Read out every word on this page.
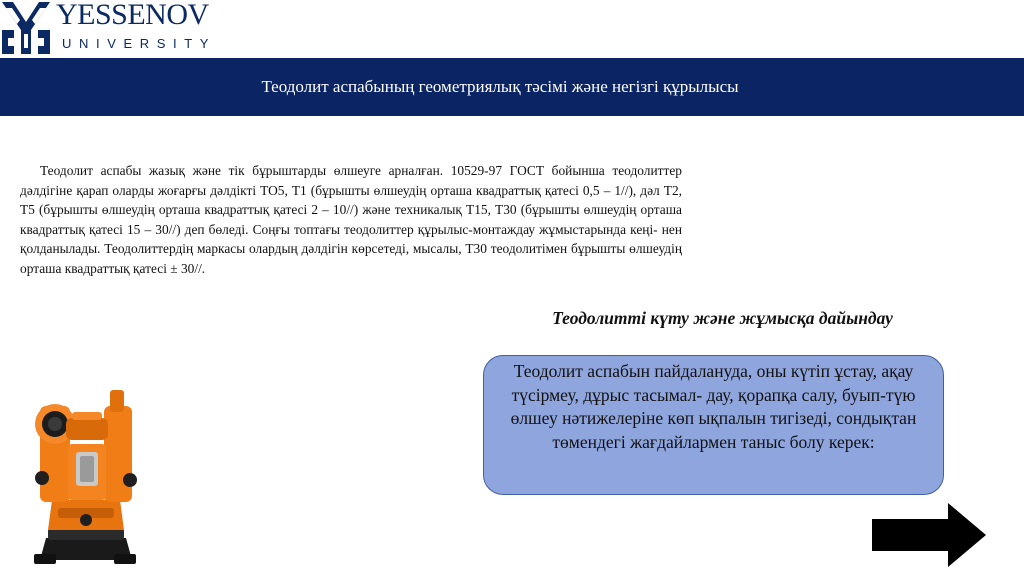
YESSENOV
UNIVERSITY
Теодолит аспабының геометриялық тәсімі және негізгі құрылысы
Теодолит аспабы жазық және тік бұрыштарды өлшеуге арналған. 10529-97 ГОСТ бойынша теодолиттер дәлдігіне қарап оларды жоғарғы дәлдікті ТО5, Т1 (бұрышты өлшеудің орташа квадраттық қатесі 0,5 – 1//), дәл Т2, Т5 (бұрышты өлшеудің орташа квадраттық қатесі 2 – 10//) және техникалық Т15, Т30 (бұрышты өлшеудің орташа квадраттық қатесі 15 – 30//) деп бөледі. Соңғы топтағы теодолиттер құрылыс-монтаждау жұмыстарында кеңі- нен қолданылады. Теодолиттердің маркасы олардың дәлдігін көрсетеді, мысалы, Т30 теодолитімен бұрышты өлшеудің орташа квадраттық қатесі ± 30//.
Теодолитті күту және жұмысқа дайындау
Теодолит аспабын пайдаланудa, оны күтіп ұстау, ақау түсірмеу, дұрыс тасымал- дау, қорапқа салу, буып-түю өлшеу нәтижелеріне көп ықпалын тигізеді, сондықтан төмендегі жағдайлармен таныс болу керек:
